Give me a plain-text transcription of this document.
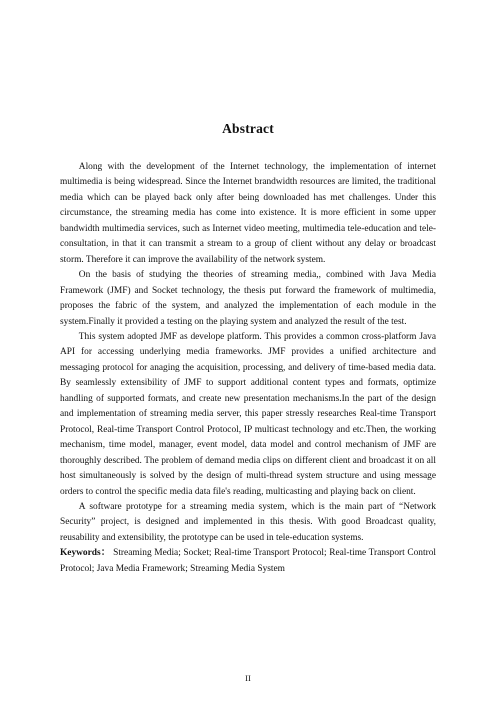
Abstract

Along with the development of the Internet technology, the implementation of internet multimedia is being widespread. Since the Internet brandwidth resources are limited, the traditional media which can be played back only after being downloaded has met challenges. Under this circumstance, the streaming media has come into existence. It is more efficient in some upper bandwidth multimedia services, such as Internet video meeting, multimedia tele-education and tele-consultation, in that it can transmit a stream to a group of client without any delay or broadcast storm. Therefore it can improve the availability of the network system.

On the basis of studying the theories of streaming media,, combined with Java Media Framework (JMF) and Socket technology, the thesis put forward the framework of multimedia, proposes the fabric of the system, and analyzed the implementation of each module in the system.Finally it provided a testing on the playing system and analyzed the result of the test.

This system adopted JMF as develope platform. This provides a common cross-platform Java API for accessing underlying media frameworks. JMF provides a unified architecture and messaging protocol for anaging the acquisition, processing, and delivery of time-based media data. By seamlessly extensibility of JMF to support additional content types and formats, optimize handling of supported formats, and create new presentation mechanisms.In the part of the design and implementation of streaming media server, this paper stressly researches Real-time Transport Protocol, Real-time Transport Control Protocol, IP multicast technology and etc.Then, the working mechanism, time model, manager, event model, data model and control mechanism of JMF are thoroughly described. The problem of demand media clips on different client and broadcast it on all host simultaneously is solved by the design of multi-thread system structure and using message orders to control the specific media data file's reading, multicasting and playing back on client.

A software prototype for a streaming media system, which is the main part of “Network Security” project, is designed and implemented in this thesis. With good Broadcast quality, reusability and extensibility, the prototype can be used in tele-education systems.

Keywords： Streaming Media; Socket; Real-time Transport Protocol; Real-time Transport Control Protocol; Java Media Framework; Streaming Media System

II
